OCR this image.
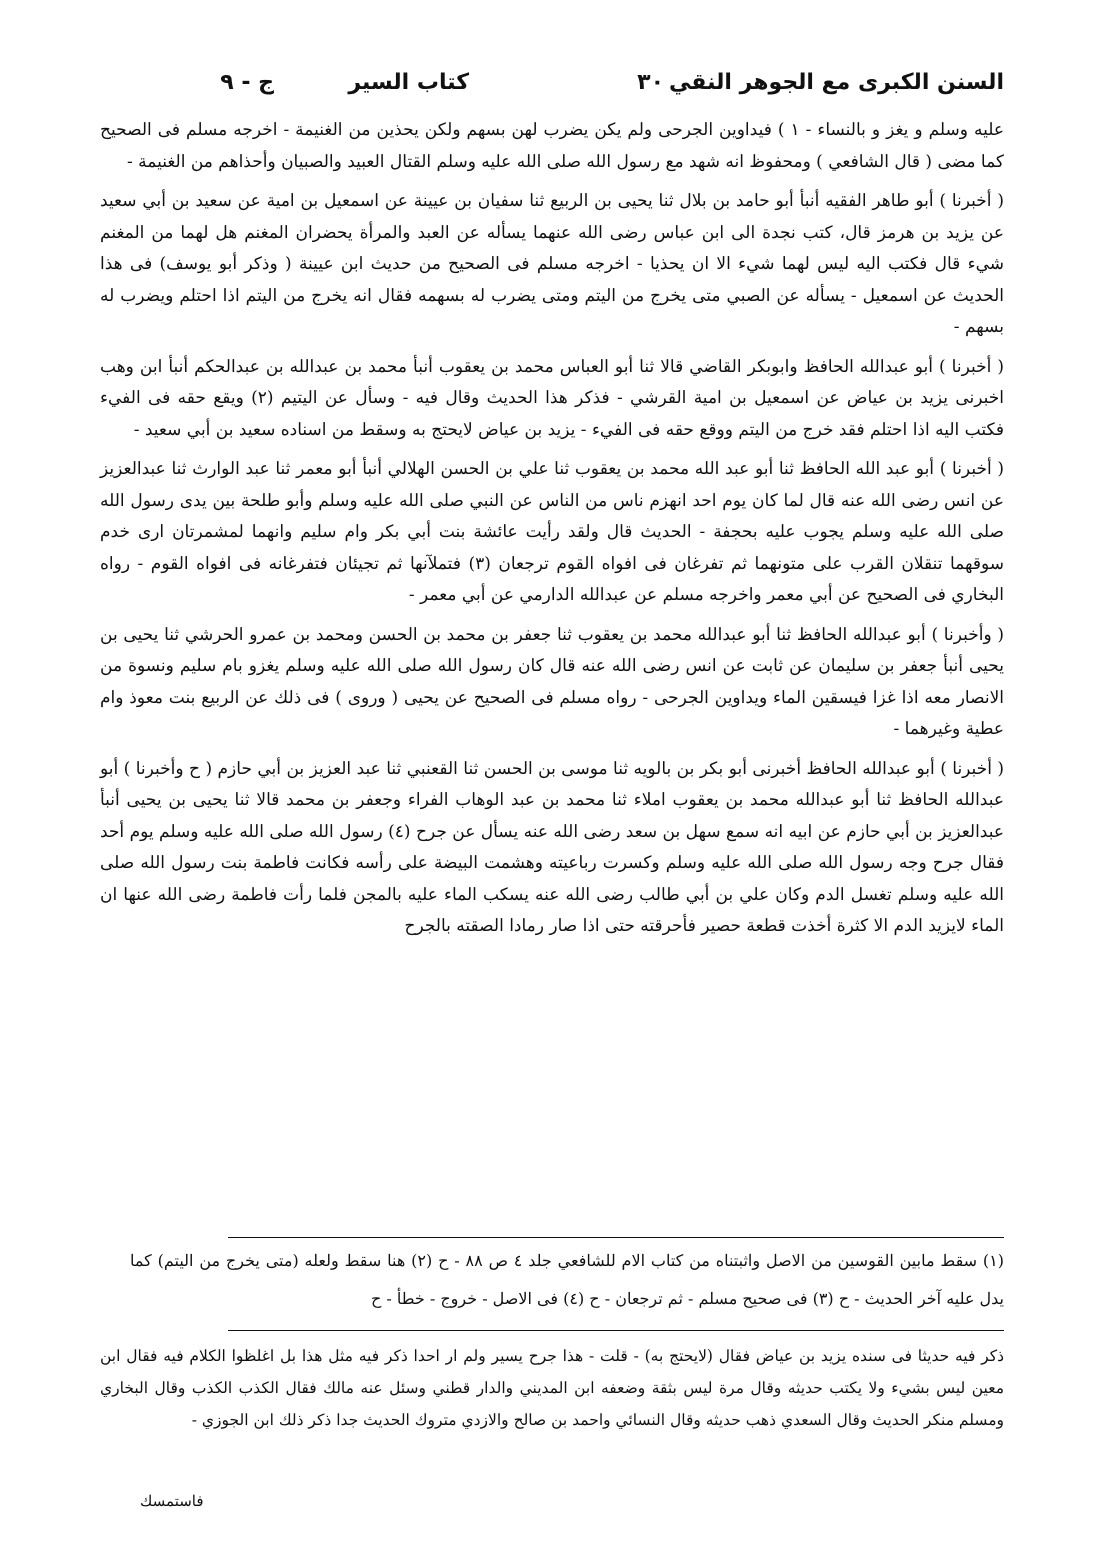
السنن الكبرى مع الجوهر النقي
٣٠
كتاب السير
ج - ٩

عليه وسلم و يغز و بالنساء - ١ ) فيداوين الجرحى ولم يكن يضرب لهن بسهم ولكن يحذين من الغنيمة - اخرجه مسلم فى الصحيح كما مضى ( قال الشافعي ) ومحفوظ انه شهد مع رسول الله صلى الله عليه وسلم القتال العبيد والصبيان وأحذاهم من الغنيمة -

( أخبرنا ) أبو طاهر الفقيه أنبأ أبو حامد بن بلال ثنا يحيى بن الربيع ثنا سفيان بن عيينة عن اسمعيل بن امية عن سعيد بن أبي سعيد عن يزيد بن هرمز قال، كتب نجدة الى ابن عباس رضى الله عنهما يسأله عن العبد والمرأة يحضران المغنم هل لهما من المغنم شيء قال فكتب اليه ليس لهما شيء الا ان يحذيا - اخرجه مسلم فى الصحيح من حديث ابن عيينة ( وذكر أبو يوسف) فى هذا الحديث عن اسمعيل - يسأله عن الصبي متى يخرج من اليتم ومتى يضرب له بسهمه فقال انه يخرج من اليتم اذا احتلم ويضرب له بسهم -

( أخبرنا ) أبو عبدالله الحافظ وابوبكر القاضي قالا ثنا أبو العباس محمد بن يعقوب أنبأ محمد بن عبدالله بن عبدالحكم أنبأ ابن وهب اخبرنى يزيد بن عياض عن اسمعيل بن امية القرشي - فذكر هذا الحديث وقال فيه - وسأل عن اليتيم (٢) ويقع حقه فى الفيء فكتب اليه اذا احتلم فقد خرج من اليتم ووقع حقه فى الفيء - يزيد بن عياض لايحتج به وسقط من اسناده سعيد بن أبي سعيد -

( أخبرنا ) أبو عبد الله الحافظ ثنا أبو عبد الله محمد بن يعقوب ثنا علي بن الحسن الهلالي أنبأ أبو معمر ثنا عبد الوارث ثنا عبدالعزيز عن انس رضى الله عنه قال لما كان يوم احد انهزم ناس من الناس عن النبي صلى الله عليه وسلم وأبو طلحة بين يدى رسول الله صلى الله عليه وسلم يجوب عليه بحجفة - الحديث قال ولقد رأيت عائشة بنت أبي بكر وام سليم وانهما لمشمرتان ارى خدم سوقهما تنقلان القرب على متونهما ثم تفرغان فى افواه القوم ترجعان (٣) فتملآنها ثم تجيئان فتفرغانه فى افواه القوم - رواه البخاري فى الصحيح عن أبي معمر واخرجه مسلم عن عبدالله الدارمي عن أبي معمر -

( وأخبرنا ) أبو عبدالله الحافظ ثنا أبو عبدالله محمد بن يعقوب ثنا جعفر بن محمد بن الحسن ومحمد بن عمرو الحرشي ثنا يحيى بن يحيى أنبأ جعفر بن سليمان عن ثابت عن انس رضى الله عنه قال كان رسول الله صلى الله عليه وسلم يغزو بام سليم ونسوة من الانصار معه اذا غزا فيسقين الماء ويداوين الجرحى - رواه مسلم فى الصحيح عن يحيى ( وروى ) فى ذلك عن الربيع بنت معوذ وام عطية وغيرهما -

( أخبرنا ) أبو عبدالله الحافظ أخبرنى أبو بكر بن بالويه ثنا موسى بن الحسن ثنا القعنبي ثنا عبد العزيز بن أبي حازم ( ح وأخبرنا ) أبو عبدالله الحافظ ثنا أبو عبدالله محمد بن يعقوب املاء ثنا محمد بن عبد الوهاب الفراء وجعفر بن محمد قالا ثنا يحيى بن يحيى أنبأ عبدالعزيز بن أبي حازم عن ابيه انه سمع سهل بن سعد رضى الله عنه يسأل عن جرح (٤) رسول الله صلى الله عليه وسلم يوم أحد فقال جرح وجه رسول الله صلى الله عليه وسلم وكسرت رباعيته وهشمت البيضة على رأسه فكانت فاطمة بنت رسول الله صلى الله عليه وسلم تغسل الدم وكان علي بن أبي طالب رضى الله عنه يسكب الماء عليه بالمجن فلما رأت فاطمة رضى الله عنها ان الماء لايزيد الدم الا كثرة أخذت قطعة حصير فأحرقته حتى اذا صار رمادا الصقته بالجرح

(١) سقط مابين القوسين من الاصل واثبتناه من كتاب الام للشافعي جلد ٤ ص ٨٨ - ح (٢) هنا سقط ولعله (متى يخرج من اليتم) كما يدل عليه آخر الحديث - ح (٣) فى صحيح مسلم - ثم ترجعان - ح (٤) فى الاصل - خروج - خطأ - ح

ذكر فيه حديثا فى سنده يزيد بن عياض فقال (لايحتج به) - قلت - هذا جرح يسير ولم ار احدا ذكر فيه مثل هذا بل اغلظوا الكلام فيه فقال ابن معين ليس بشيء ولا يكتب حديثه وقال مرة ليس بثقة وضعفه ابن المديني والدار قطني وسئل عنه مالك فقال الكذب الكذب وقال البخاري ومسلم منكر الحديث وقال السعدي ذهب حديثه وقال النسائي واحمد بن صالح والازدي متروك الحديث جدا ذكر ذلك ابن الجوزي -

فاستمسك
